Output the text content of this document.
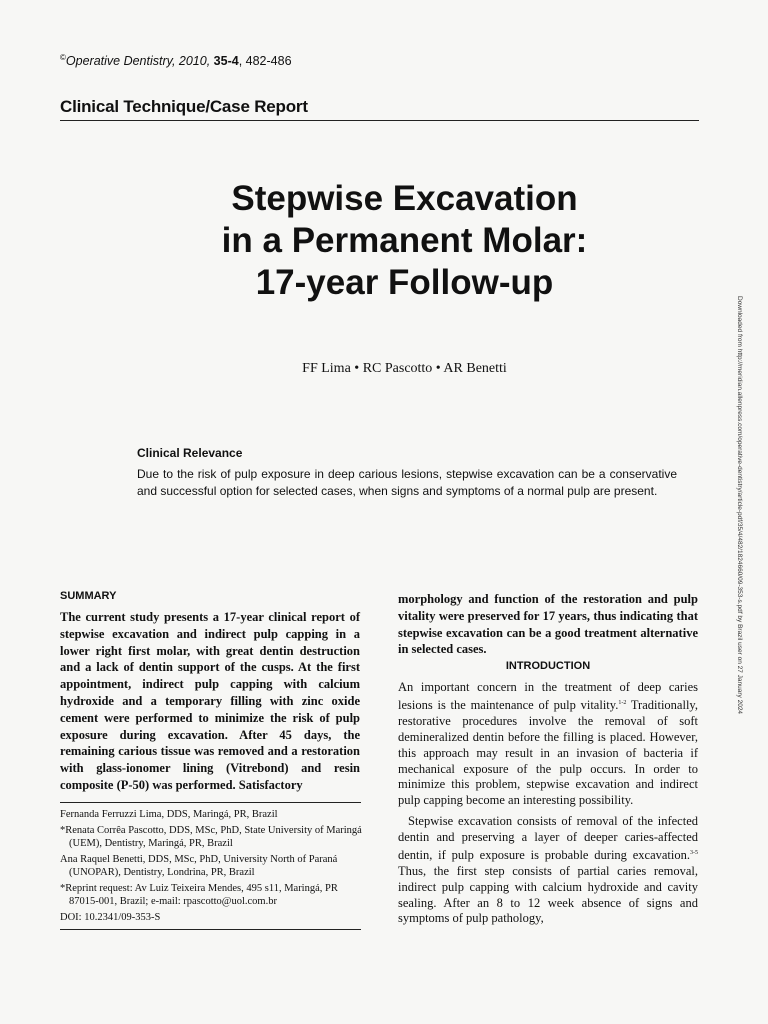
©Operative Dentistry, 2010, 35-4, 482-486
Clinical Technique/Case Report
Stepwise Excavation
in a Permanent Molar:
17-year Follow-up
FF Lima • RC Pascotto • AR Benetti
Clinical Relevance
Due to the risk of pulp exposure in deep carious lesions, stepwise excavation can be a conservative and successful option for selected cases, when signs and symptoms of a normal pulp are present.
SUMMARY
The current study presents a 17-year clinical report of stepwise excavation and indirect pulp capping in a lower right first molar, with great dentin destruction and a lack of dentin support of the cusps. At the first appointment, indirect pulp capping with calcium hydroxide and a temporary filling with zinc oxide cement were performed to minimize the risk of pulp exposure during excavation. After 45 days, the remaining carious tissue was removed and a restoration with glass-ionomer lining (Vitrebond) and resin composite (P-50) was performed. Satisfactory
Fernanda Ferruzzi Lima, DDS, Maringá, PR, Brazil
*Renata Corrêa Pascotto, DDS, MSc, PhD, State University of Maringá (UEM), Dentistry, Maringá, PR, Brazil
Ana Raquel Benetti, DDS, MSc, PhD, University North of Paraná (UNOPAR), Dentistry, Londrina, PR, Brazil
*Reprint request: Av Luiz Teixeira Mendes, 495 s11, Maringá, PR 87015-001, Brazil; e-mail: rpascotto@uol.com.br
DOI: 10.2341/09-353-S
morphology and function of the restoration and pulp vitality were preserved for 17 years, thus indicating that stepwise excavation can be a good treatment alternative in selected cases.
INTRODUCTION
An important concern in the treatment of deep caries lesions is the maintenance of pulp vitality.$^{1-2}$ Traditionally, restorative procedures involve the removal of soft demineralized dentin before the filling is placed. However, this approach may result in an invasion of bacteria if mechanical exposure of the pulp occurs. In order to minimize this problem, stepwise excavation and indirect pulp capping become an interesting possibility.
Stepwise excavation consists of removal of the infected dentin and preserving a layer of deeper caries-affected dentin, if pulp exposure is probable during excavation.$^{3-5}$ Thus, the first step consists of partial caries removal, indirect pulp capping with calcium hydroxide and cavity sealing. After an 8 to 12 week absence of signs and symptoms of pulp pathology,
Downloaded from http://meridian.allenpress.com/operative-dentistry/article-pdf/35/4/482/1824660/09-353-s.pdf by Brazil user on 27 January 2024
